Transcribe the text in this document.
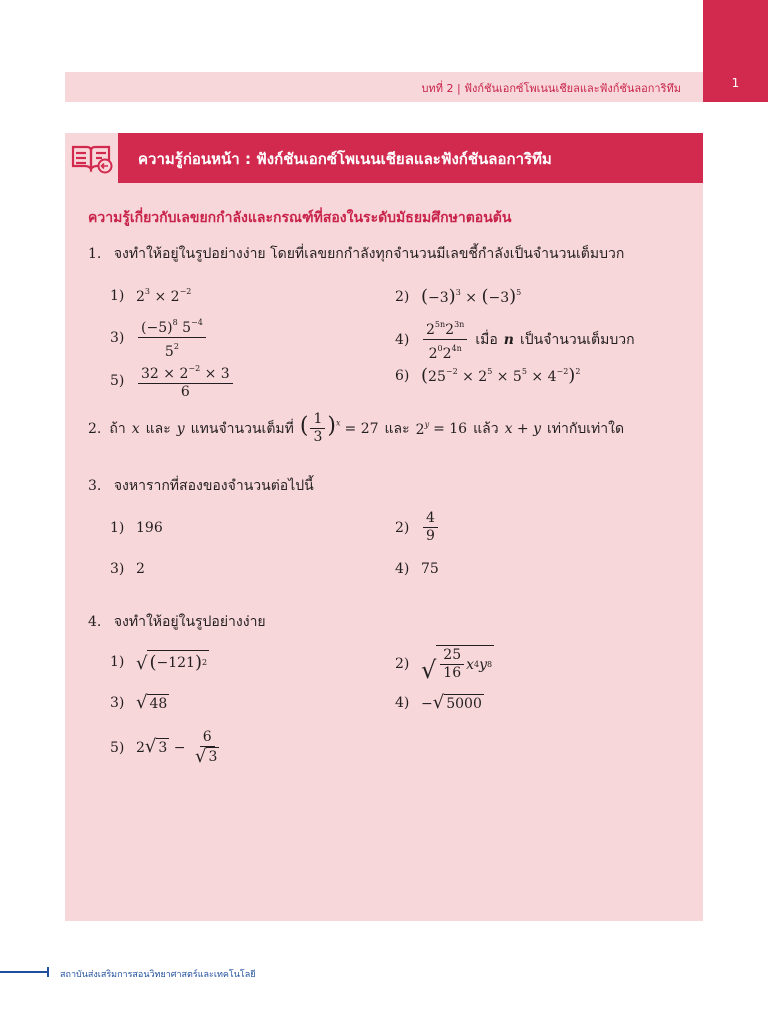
1
บทที่ 2 | ฟังก์ชันเอกซ์โพเนนเชียลและฟังก์ชันลอการิทึม
ความรู้ก่อนหน้า : ฟังก์ชันเอกซ์โพเนนเชียลและฟังก์ชันลอการิทึม
ความรู้เกี่ยวกับเลขยกกำลังและกรณฑ์ที่สองในระดับมัธยมศึกษาตอนต้น
1. จงทำให้อยู่ในรูปอย่างง่าย โดยที่เลขยกกำลังทุกจำนวนมีเลขชี้กำลังเป็นจำนวนเต็มบวก
1) $2^3 \times 2^{-2}$	2) $(-3)^3 \times (-3)^5$
$3) \frac{(-5)^8 5^{-4}}{5^2}$	$4) \frac{2^{5n}2^{3n}}{2^02^{4n}}$ เมื่อ n เป็นจำนวนเต็มบวก
$5) \frac{32 \times 2^{-2} \times 3}{6}$	6) $(25^{-2} \times 2^5 \times 5^5 \times 4^{-2})^2$
2. ถ้า x และ y แทนจำนวนเต็มที่ ( $\frac{1}{3} )^x = 27$ และ $2^y = 16$ แล้ว x + y เท่ากับเท่าใด
3. จงหารากที่สองของจำนวนต่อไปนี้
1) 196	$2) \frac{4}{9}$
3) 2	4) 75
4. จงทำให้อยู่ในรูปอย่างง่าย
1) √ ( −121 ) 2	2) √ $\frac{25}{16}$ x 4 y 8
3) √ 48	4) − √ 5000
5) 2 √ $3 - \frac{6}{√ 3}$
สถาบันส่งเสริมการสอนวิทยาศาสตร์และเทคโนโลยี
